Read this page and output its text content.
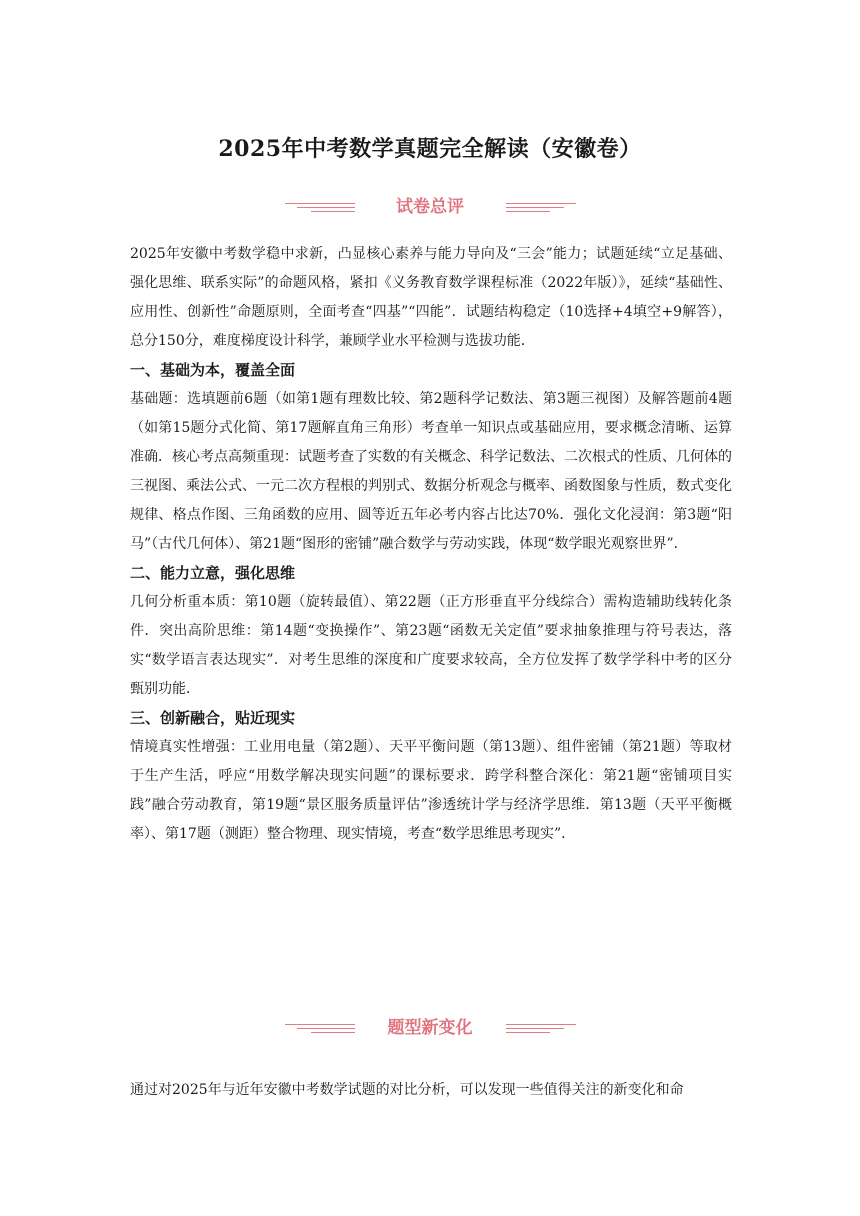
2025年中考数学真题完全解读（安徽卷）
试卷总评

2025年安徽中考数学稳中求新，凸显核心素养与能力导向及“三会”能力；试题延续“立足基础、强化思维、联系实际”的命题风格，紧扣《义务教育数学课程标准（2022年版）》，延续“基础性、应用性、创新性”命题原则，全面考查“四基”“四能”．试题结构稳定（10选择+4填空+9解答），总分150分，难度梯度设计科学，兼顾学业水平检测与选拔功能．

一、基础为本，覆盖全面

基础题：选填题前6题（如第1题有理数比较、第2题科学记数法、第3题三视图）及解答题前4题（如第15题分式化简、第17题解直角三角形）考查单一知识点或基础应用，要求概念清晰、运算准确．核心考点高频重现：试题考查了实数的有关概念、科学记数法、二次根式的性质、几何体的三视图、乘法公式、一元二次方程根的判别式、数据分析观念与概率、函数图象与性质，数式变化规律、格点作图、三角函数的应用、圆等近五年必考内容占比达70%．强化文化浸润：第3题“阳马”（古代几何体）、第21题“图形的密铺”融合数学与劳动实践，体现“数学眼光观察世界”．

二、能力立意，强化思维

几何分析重本质：第10题（旋转最值）、第22题（正方形垂直平分线综合）需构造辅助线转化条件．突出高阶思维：第14题“变换操作”、第23题“函数无关定值”要求抽象推理与符号表达，落实“数学语言表达现实”．对考生思维的深度和广度要求较高，全方位发挥了数学学科中考的区分甄别功能．

三、创新融合，贴近现实

情境真实性增强：工业用电量（第2题）、天平平衡问题（第13题）、组件密铺（第21题）等取材于生产生活，呼应“用数学解决现实问题”的课标要求．跨学科整合深化：第21题“密铺项目实践”融合劳动教育，第19题“景区服务质量评估”渗透统计学与经济学思维．第13题（天平平衡概率）、第17题（测距）整合物理、现实情境，考查“数学思维思考现实”．

题型新变化

通过对2025年与近年安徽中考数学试题的对比分析，可以发现一些值得关注的新变化和命
